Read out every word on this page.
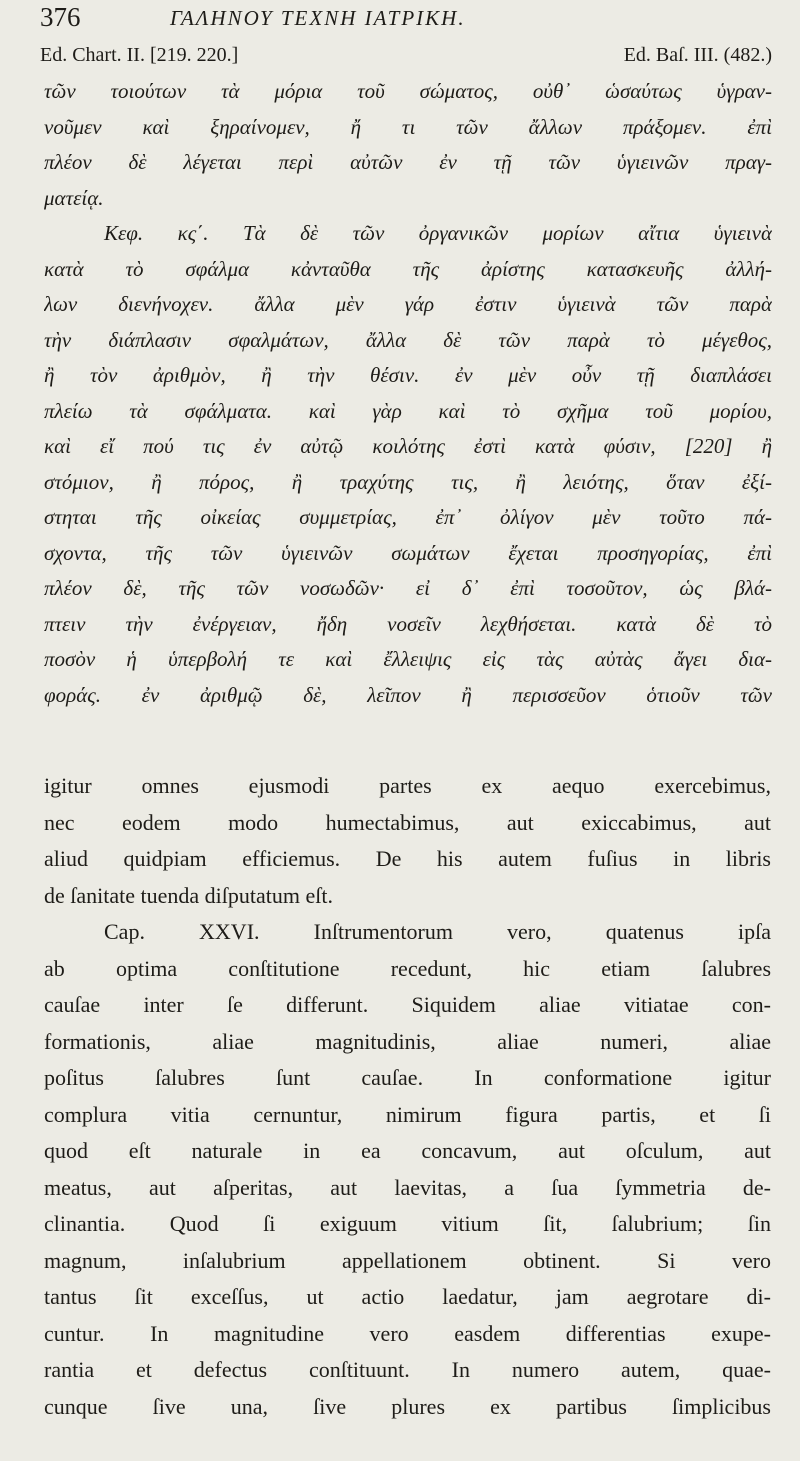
376	ΓΑΛΗΝΟΥ ΤΕΧΝΗ ΙΑΤΡΙΚΗ.
Ed. Chart. II. [219. 220.]	Ed. Baſ. III. (482.)
τῶν τοιούτων τὰ μόρια τοῦ σώματος, οὐθ᾽ ὡσαύτως ὑγραν-
νοῦμεν καὶ ξηραίνομεν, ἤ τι τῶν ἄλλων πράξομεν. ἐπὶ
πλέον δὲ λέγεται περὶ αὐτῶν ἐν τῇ τῶν ὑγιεινῶν πραγ-
ματείᾳ.
Κεφ. κς΄. Τὰ δὲ τῶν ὀργανικῶν μορίων αἴτια ὑγιεινὰ
κατὰ τὸ σφάλμα κἀνταῦθα τῆς ἀρίστης κατασκευῆς ἀλλή-
λων διενήνοχεν. ἄλλα μὲν γάρ ἐστιν ὑγιεινὰ τῶν παρὰ
τὴν διάπλασιν σφαλμάτων, ἄλλα δὲ τῶν παρὰ τὸ μέγεθος,
ἢ τὸν ἀριθμὸν, ἢ τὴν θέσιν. ἐν μὲν οὖν τῇ διαπλάσει
πλείω τὰ σφάλματα. καὶ γὰρ καὶ τὸ σχῆμα τοῦ μορίου,
καὶ εἴ πού τις ἐν αὐτῷ κοιλότης ἐστὶ κατὰ φύσιν, [220] ἢ
στόμιον, ἢ πόρος, ἢ τραχύτης τις, ἢ λειότης, ὅταν ἐξί-
στηται τῆς οἰκείας συμμετρίας, ἐπ᾽ ὀλίγον μὲν τοῦτο πά-
σχοντα, τῆς τῶν ὑγιεινῶν σωμάτων ἔχεται προσηγορίας, ἐπὶ
πλέον δὲ, τῆς τῶν νοσωδῶν· εἰ δ᾽ ἐπὶ τοσοῦτον, ὡς βλά-
πτειν τὴν ἐνέργειαν, ἤδη νοσεῖν λεχθήσεται. κατὰ δὲ τὸ
ποσὸν ἡ ὑπερβολή τε καὶ ἔλλειψις εἰς τὰς αὐτὰς ἄγει δια-
φοράς. ἐν ἀριθμῷ δὲ, λεῖπον ἢ περισσεῦον ὁτιοῦν τῶν
igitur omnes ejusmodi partes ex aequo exercebimus,
nec eodem modo humectabimus, aut exiccabimus, aut
aliud quidpiam efficiemus. De his autem fuſius in libris
de ſanitate tuenda diſputatum eſt.
Cap. XXVI. Inſtrumentorum vero, quatenus ipſa
ab optima conſtitutione recedunt, hic etiam ſalubres
cauſae inter ſe differunt. Siquidem aliae vitiatae con-
formationis, aliae magnitudinis, aliae numeri, aliae
poſitus ſalubres ſunt cauſae. In conformatione igitur
complura vitia cernuntur, nimirum figura partis, et ſi
quod eſt naturale in ea concavum, aut oſculum, aut
meatus, aut aſperitas, aut laevitas, a ſua ſymmetria de-
clinantia. Quod ſi exiguum vitium ſit, ſalubrium; ſin
magnum, inſalubrium appellationem obtinent. Si vero
tantus ſit exceſſus, ut actio laedatur, jam aegrotare di-
cuntur. In magnitudine vero easdem differentias exupe-
rantia et defectus conſtituunt. In numero autem, quae-
cunque ſive una, ſive plures ex partibus ſimplicibus
